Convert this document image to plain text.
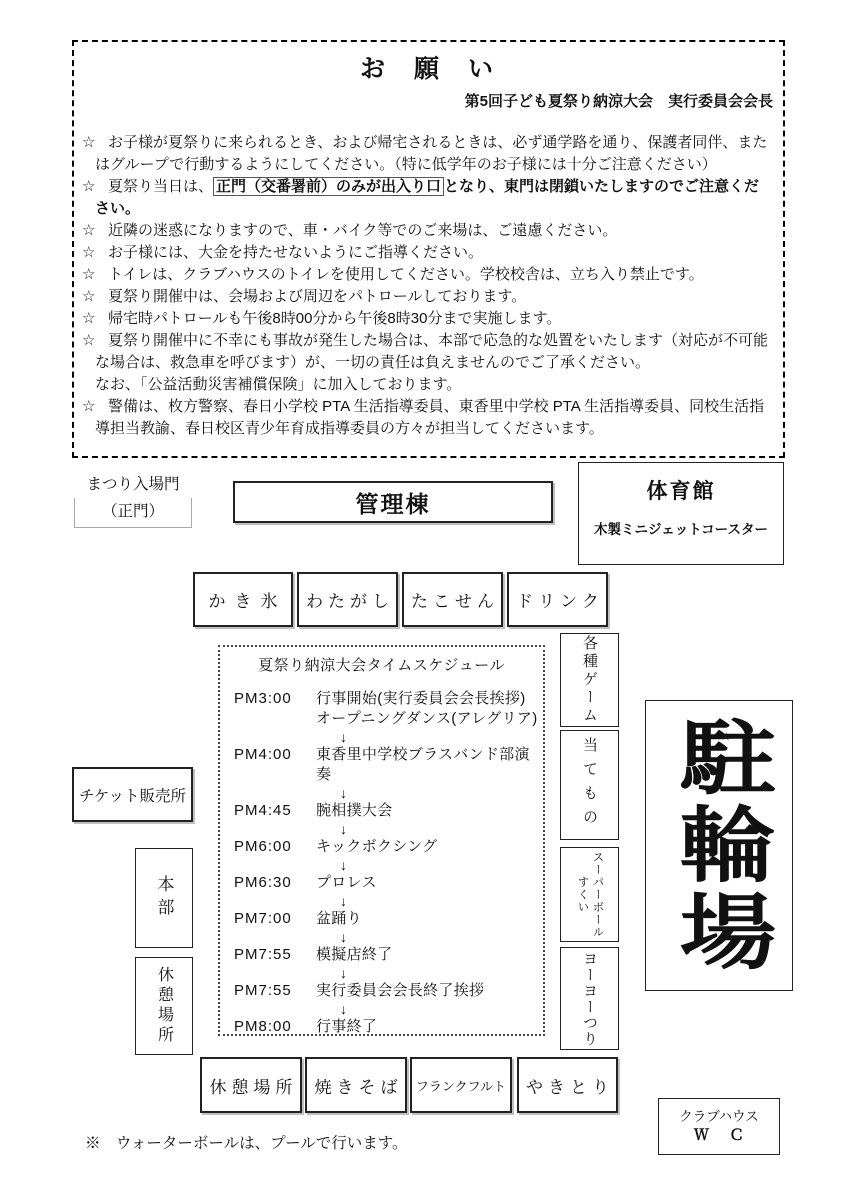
お　願　い
第5回子ども夏祭り納涼大会　実行委員会会長
☆ お子様が夏祭りに来られるとき、および帰宅されるときは、必ず通学路を通り、保護者同伴、またはグループで行動するようにしてください。（特に低学年のお子様には十分ご注意ください）
☆ 夏祭り当日は、 正門（交番署前）のみが出入り口 となり、東門は閉鎖いたしますのでご注意ください。
☆ 近隣の迷惑になりますので、車・バイク等でのご来場は、ご遠慮ください。
☆ お子様には、大金を持たせないようにご指導ください。
☆ トイレは、クラブハウスのトイレを使用してください。学校校舎は、立ち入り禁止です。
☆ 夏祭り開催中は、会場および周辺をパトロールしております。
☆ 帰宅時パトロールも午後8時00分から午後8時30分まで実施します。
☆ 夏祭り開催中に不幸にも事故が発生した場合は、本部で応急的な処置をいたします（対応が不可能な場合は、救急車を呼びます）が、一切の責任は負えませんのでご了承ください。
なお、「公益活動災害補償保険」に加入しております。
☆ 警備は、枚方警察、春日小学校 PTA 生活指導委員、東香里中学校 PTA 生活指導委員、同校生活指導担当教諭、春日校区青少年育成指導委員の方々が担当してくださいます。
まつり入場門
（正門）	管理棟	体育館
木製ミニジェットコースター
かき氷	わたがし	たこせん	ドリンク
夏祭り納涼大会タイムスケジュール
PM3:00	行事開始(実行委員会会長挨拶)
オープニングダンス(アレグリア)
↓
PM4:00	東香里中学校ブラスバンド部演奏
↓
PM4:45	腕相撲大会
↓
PM6:00	キックボクシング
↓
PM6:30	プロレス
↓
PM7:00	盆踊り
↓
PM7:55	模擬店終了
↓
PM7:55	実行委員会会長終了挨拶
↓
PM8:00	行事終了
各種ゲーム
当てもの
スーパーボールすくい
ヨーヨーつり
チケット販売所
本部
休憩場所
駐輪場
休憩場所	焼きそば	フランクフルト	やきとり
クラブハウス
Ｗ Ｃ
※　ウォーターボールは、プールで行います。
